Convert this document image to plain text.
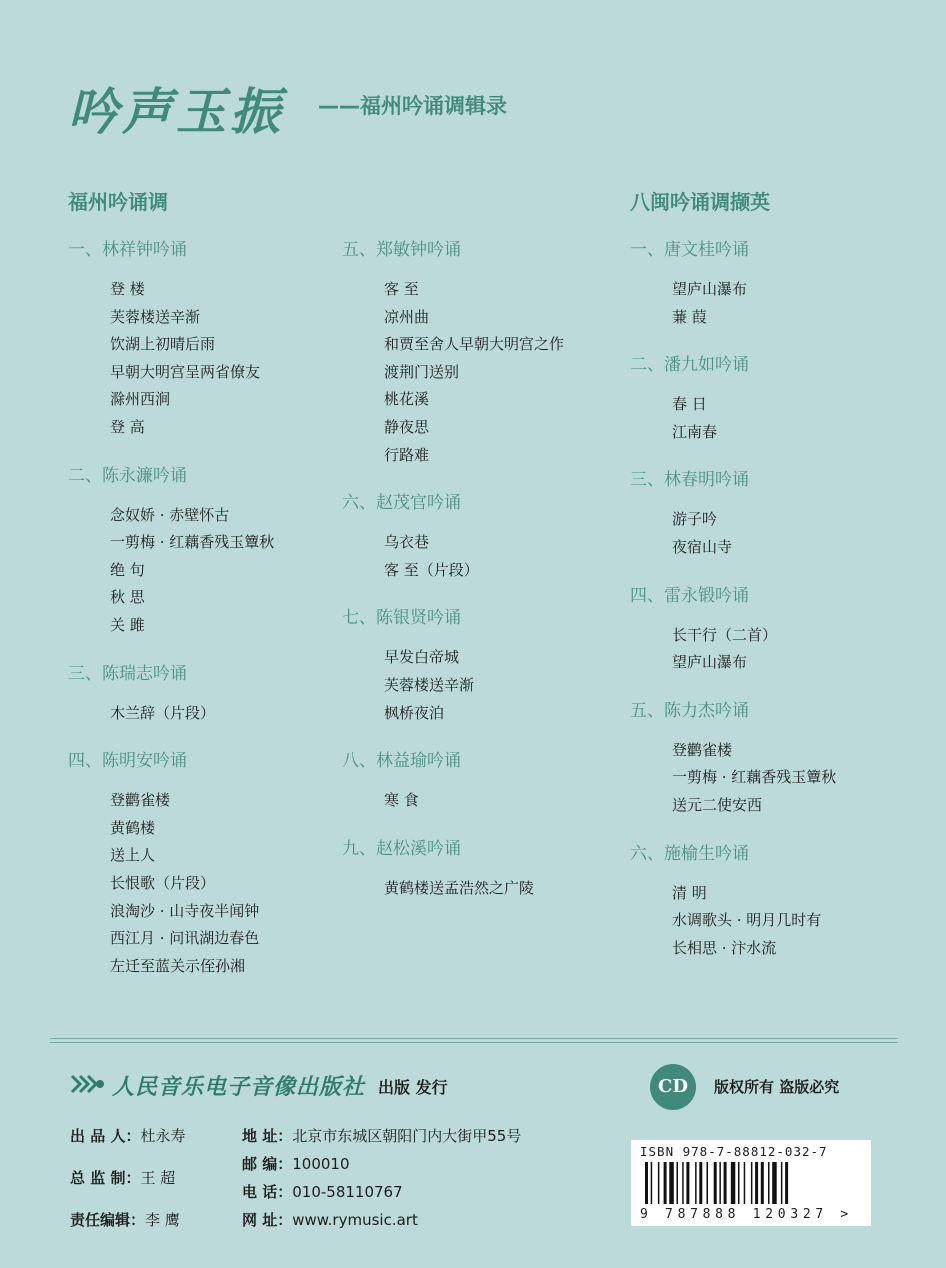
吟声玉振 ——福州吟诵调辑录
福州吟诵调	八闽吟诵调撷英
一、林祥钟吟诵
登 楼
芙蓉楼送辛渐
饮湖上初晴后雨
早朝大明宫呈两省僚友
滁州西涧
登 高
二、陈永濂吟诵
念奴娇 · 赤壁怀古
一剪梅 · 红藕香残玉簟秋
绝 句
秋 思
关 雎
三、陈瑞志吟诵
木兰辞（片段）
四、陈明安吟诵
登鹳雀楼
黄鹤楼
送上人
长恨歌（片段）
浪淘沙 · 山寺夜半闻钟
西江月 · 问讯湖边春色
左迁至蓝关示侄孙湘
五、郑敏钟吟诵
客 至
凉州曲
和贾至舍人早朝大明宫之作
渡荆门送别
桃花溪
静夜思
行路难
六、赵茂官吟诵
乌衣巷
客 至（片段）
七、陈银贤吟诵
早发白帝城
芙蓉楼送辛渐
枫桥夜泊
八、林益瑜吟诵
寒 食
九、赵松溪吟诵
黄鹤楼送孟浩然之广陵
一、唐文桂吟诵
望庐山瀑布
蒹 葭
二、潘九如吟诵
春 日
江南春
三、林春明吟诵
游子吟
夜宿山寺
四、雷永锻吟诵
长干行（二首）
望庐山瀑布
五、陈力杰吟诵
登鹳雀楼
一剪梅 · 红藕香残玉簟秋
送元二使安西
六、施榆生吟诵
清 明
水调歌头 · 明月几时有
长相思 · 汴水流
人民音乐电子音像出版社 出版 发行	CD	版权所有 盗版必究
出 品 人：杜永寿
总 监 制：王 超
责任编辑：李 鹰
地 址：北京市东城区朝阳门内大街甲55号
邮 编：100010
电 话：010-58110767
网 址：www.rymusic.art
ISBN 978-7-88812-032-7
9 787888 120327 >
